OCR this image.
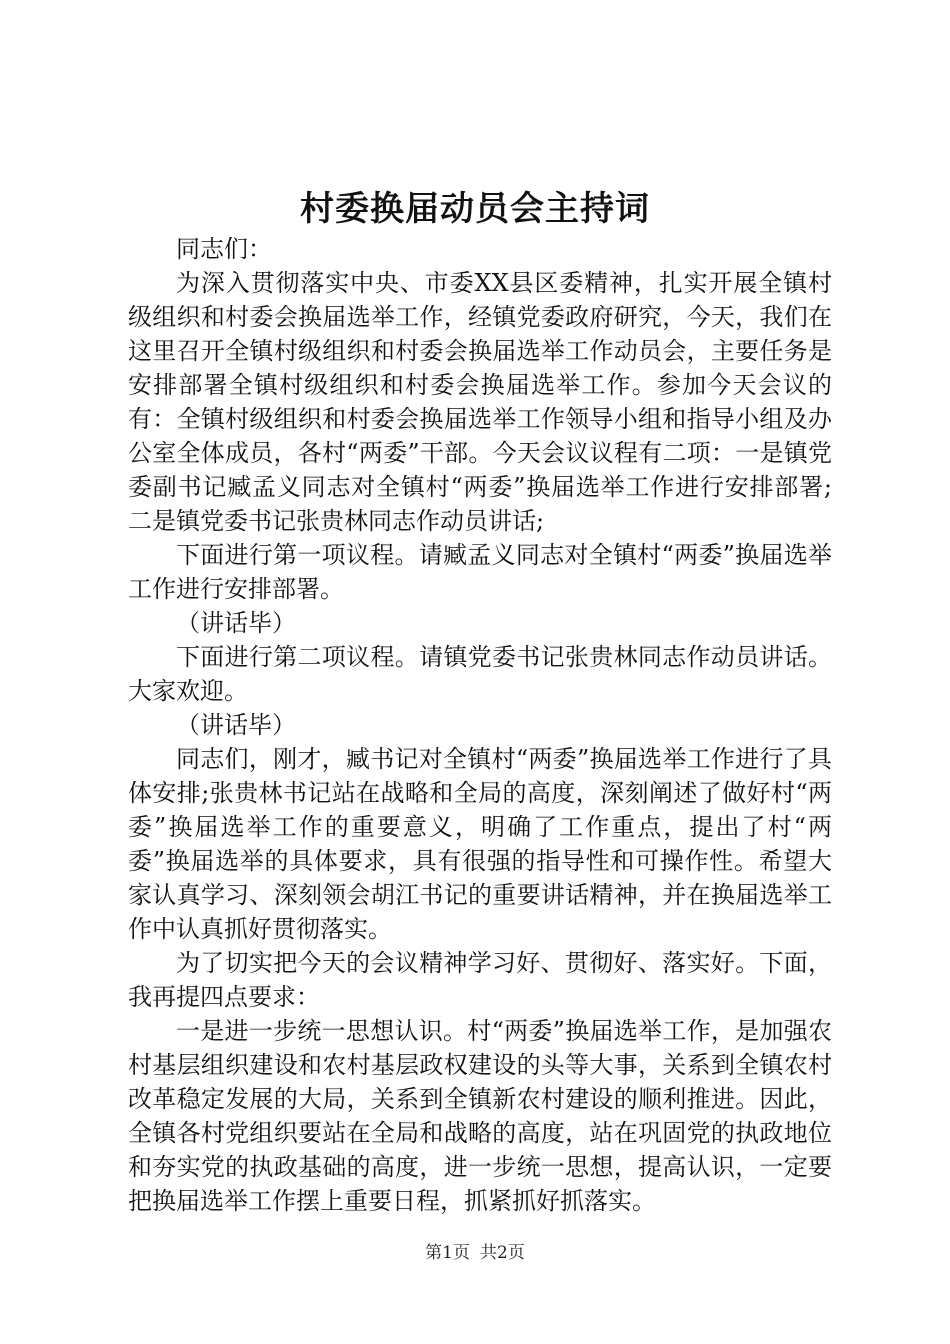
村委换届动员会主持词

同志们：

为深入贯彻落实中央、市委XX县区委精神，扎实开展全镇村级组织和村委会换届选举工作，经镇党委政府研究，今天，我们在这里召开全镇村级组织和村委会换届选举工作动员会，主要任务是安排部署全镇村级组织和村委会换届选举工作。参加今天会议的有：全镇村级组织和村委会换届选举工作领导小组和指导小组及办公室全体成员，各村“两委”干部。今天会议议程有二项：一是镇党委副书记臧孟义同志对全镇村“两委”换届选举工作进行安排部署;二是镇党委书记张贵林同志作动员讲话;

下面进行第一项议程。请臧孟义同志对全镇村“两委”换届选举工作进行安排部署。

（讲话毕）

下面进行第二项议程。请镇党委书记张贵林同志作动员讲话。大家欢迎。

（讲话毕）

同志们，刚才，臧书记对全镇村“两委”换届选举工作进行了具体安排;张贵林书记站在战略和全局的高度，深刻阐述了做好村“两委”换届选举工作的重要意义，明确了工作重点，提出了村“两委”换届选举的具体要求，具有很强的指导性和可操作性。希望大家认真学习、深刻领会胡江书记的重要讲话精神，并在换届选举工作中认真抓好贯彻落实。

为了切实把今天的会议精神学习好、贯彻好、落实好。下面，我再提四点要求：

一是进一步统一思想认识。村“两委”换届选举工作，是加强农村基层组织建设和农村基层政权建设的头等大事，关系到全镇农村改革稳定发展的大局，关系到全镇新农村建设的顺利推进。因此，全镇各村党组织要站在全局和战略的高度，站在巩固党的执政地位和夯实党的执政基础的高度，进一步统一思想，提高认识，一定要把换届选举工作摆上重要日程，抓紧抓好抓落实。

第1页 共2页
